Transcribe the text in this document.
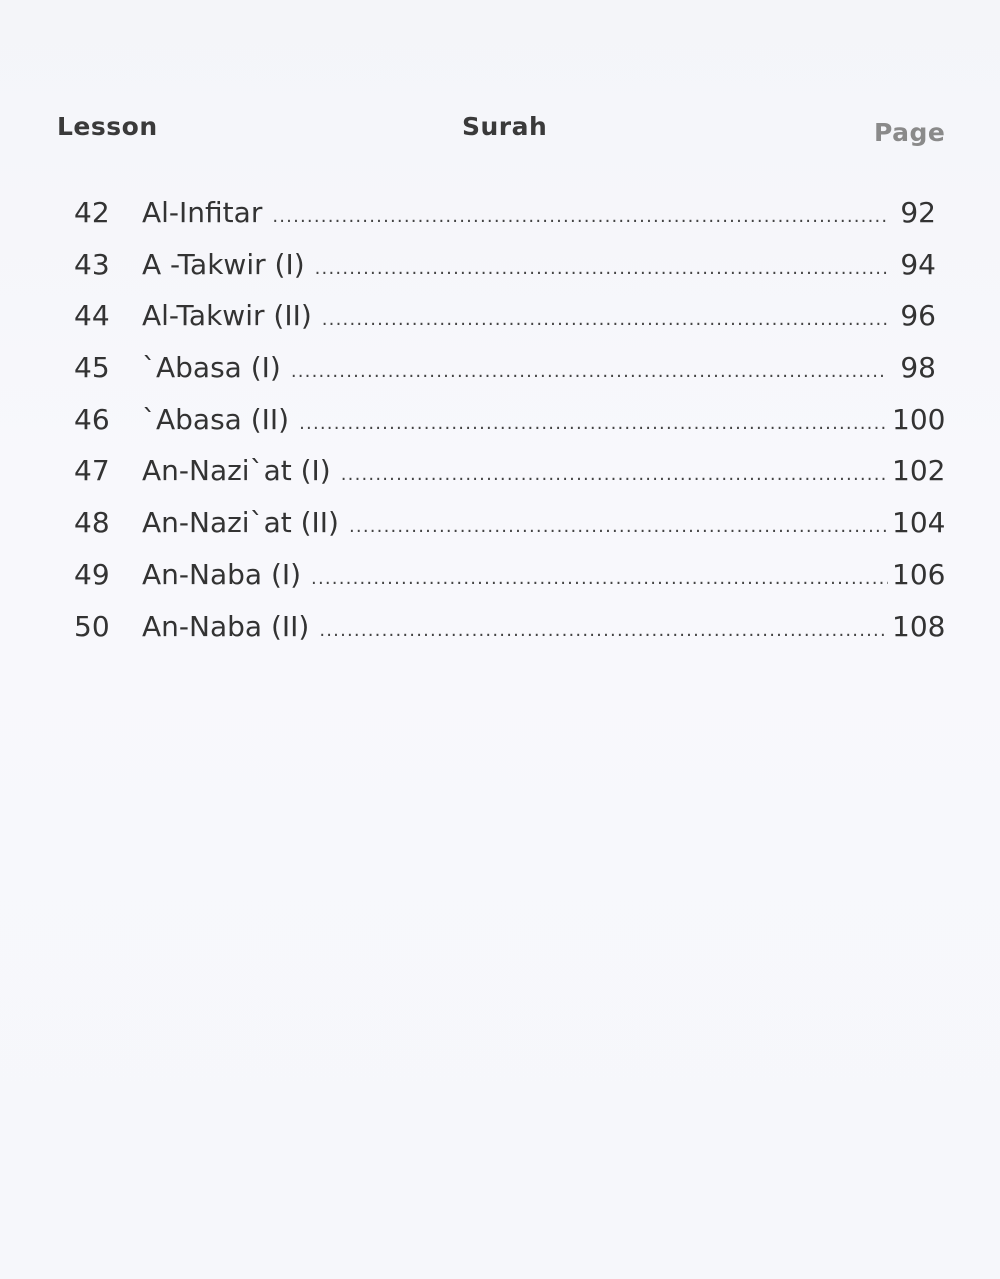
Lesson	Surah	Page
42	Al-Infitar .....	92
43	A -Takwir (I) .....	94
44	Al-Takwir (II) .....	96
45	`Abasa (I) .....	98
46	`Abasa (II) .....	100
47	An-Nazi`at (I) .....	102
48	An-Nazi`at (II) .....	104
49	An-Naba (I) .....	106
50	An-Naba (II) .....	108
